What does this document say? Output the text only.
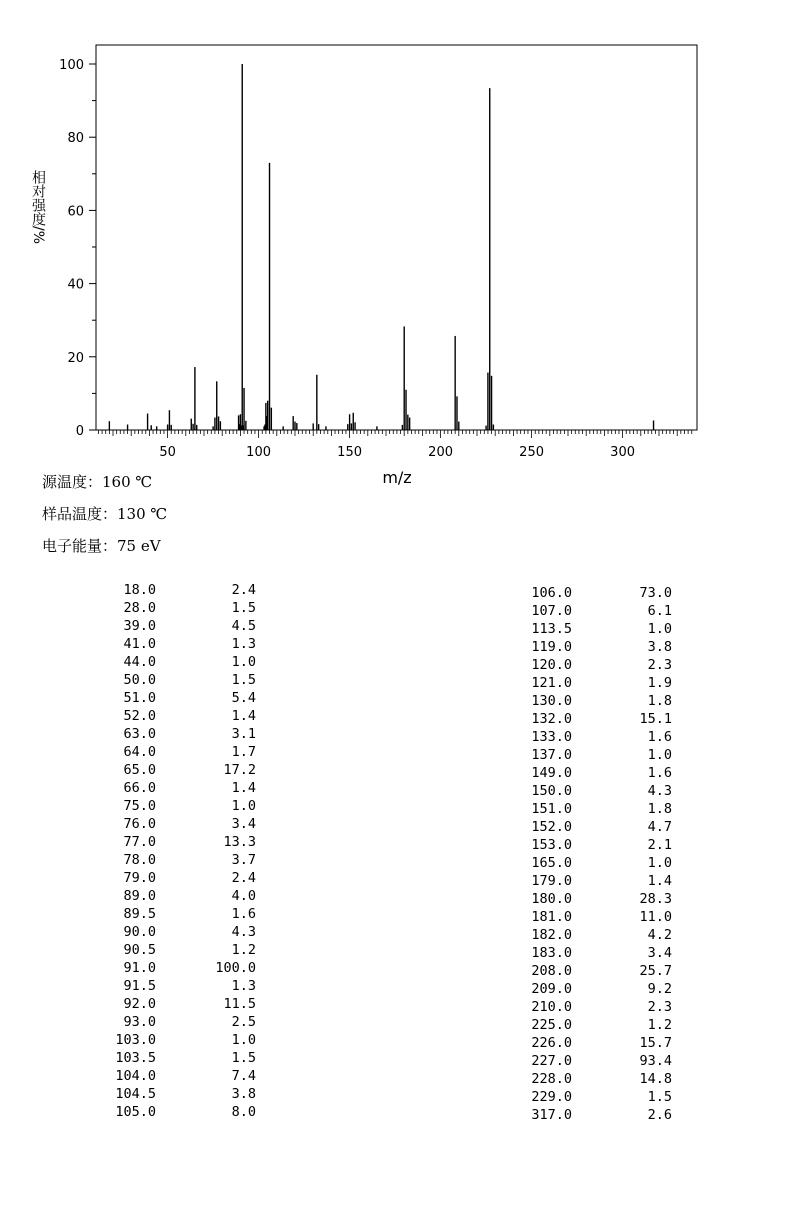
0
20
40
60
80
100
50	100	150	200	250	300
m/z
相对强度/%
源温度：160 ℃
样品温度：130 ℃
电子能量：75 eV
18.0	2.4
28.0	1.5
39.0	4.5
41.0	1.3
44.0	1.0
50.0	1.5
51.0	5.4
52.0	1.4
63.0	3.1
64.0	1.7
65.0	17.2
66.0	1.4
75.0	1.0
76.0	3.4
77.0	13.3
78.0	3.7
79.0	2.4
89.0	4.0
89.5	1.6
90.0	4.3
90.5	1.2
91.0	100.0
91.5	1.3
92.0	11.5
93.0	2.5
103.0	1.0
103.5	1.5
104.0	7.4
104.5	3.8
105.0	8.0
106.0	73.0
107.0	6.1
113.5	1.0
119.0	3.8
120.0	2.3
121.0	1.9
130.0	1.8
132.0	15.1
133.0	1.6
137.0	1.0
149.0	1.6
150.0	4.3
151.0	1.8
152.0	4.7
153.0	2.1
165.0	1.0
179.0	1.4
180.0	28.3
181.0	11.0
182.0	4.2
183.0	3.4
208.0	25.7
209.0	9.2
210.0	2.3
225.0	1.2
226.0	15.7
227.0	93.4
228.0	14.8
229.0	1.5
317.0	2.6
